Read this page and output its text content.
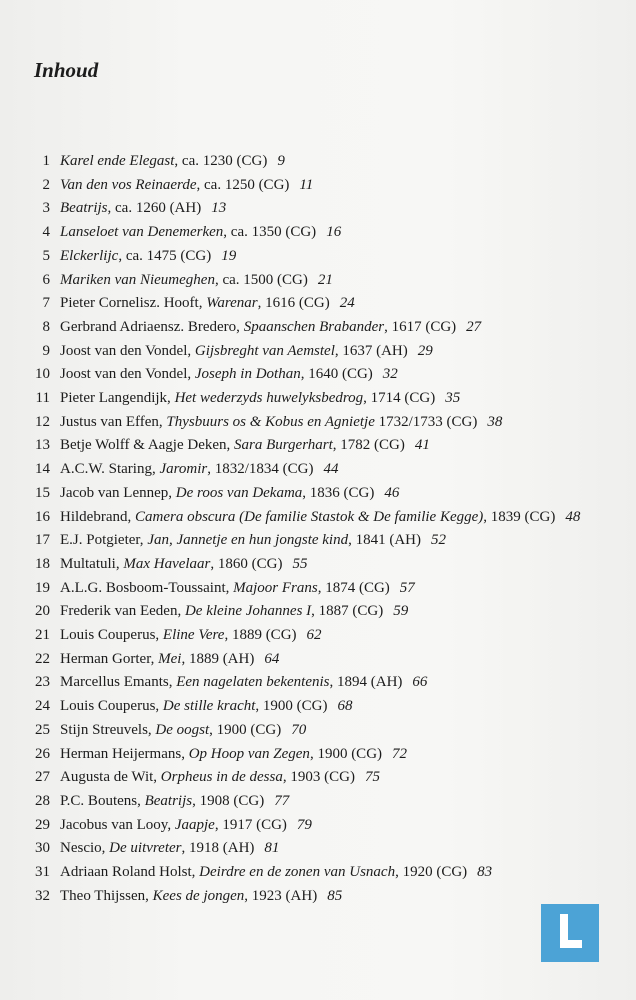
Inhoud
1 Karel ende Elegast, ca. 1230 (CG) 9
2 Van den vos Reinaerde, ca. 1250 (CG) 11
3 Beatrijs, ca. 1260 (AH) 13
4 Lanseloet van Denemerken, ca. 1350 (CG) 16
5 Elckerlijc, ca. 1475 (CG) 19
6 Mariken van Nieumeghen, ca. 1500 (CG) 21
7 Pieter Cornelisz. Hooft, Warenar, 1616 (CG) 24
8 Gerbrand Adriaensz. Bredero, Spaanschen Brabander, 1617 (CG) 27
9 Joost van den Vondel, Gijsbreght van Aemstel, 1637 (AH) 29
10 Joost van den Vondel, Joseph in Dothan, 1640 (CG) 32
11 Pieter Langendijk, Het wederzyds huwelyksbedrog, 1714 (CG) 35
12 Justus van Effen, Thysbuurs os & Kobus en Agnietje 1732/1733 (CG) 38
13 Betje Wolff & Aagje Deken, Sara Burgerhart, 1782 (CG) 41
14 A.C.W. Staring, Jaromir, 1832/1834 (CG) 44
15 Jacob van Lennep, De roos van Dekama, 1836 (CG) 46
16 Hildebrand, Camera obscura (De familie Stastok & De familie Kegge), 1839 (CG) 48
17 E.J. Potgieter, Jan, Jannetje en hun jongste kind, 1841 (AH) 52
18 Multatuli, Max Havelaar, 1860 (CG) 55
19 A.L.G. Bosboom-Toussaint, Majoor Frans, 1874 (CG) 57
20 Frederik van Eeden, De kleine Johannes I, 1887 (CG) 59
21 Louis Couperus, Eline Vere, 1889 (CG) 62
22 Herman Gorter, Mei, 1889 (AH) 64
23 Marcellus Emants, Een nagelaten bekentenis, 1894 (AH) 66
24 Louis Couperus, De stille kracht, 1900 (CG) 68
25 Stijn Streuvels, De oogst, 1900 (CG) 70
26 Herman Heijermans, Op Hoop van Zegen, 1900 (CG) 72
27 Augusta de Wit, Orpheus in de dessa, 1903 (CG) 75
28 P.C. Boutens, Beatrijs, 1908 (CG) 77
29 Jacobus van Looy, Jaapje, 1917 (CG) 79
30 Nescio, De uitvreter, 1918 (AH) 81
31 Adriaan Roland Holst, Deirdre en de zonen van Usnach, 1920 (CG) 83
32 Theo Thijssen, Kees de jongen, 1923 (AH) 85
